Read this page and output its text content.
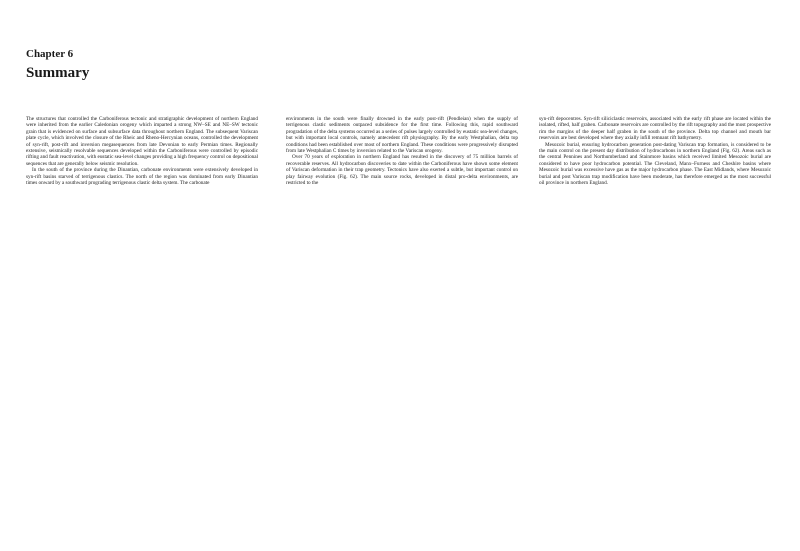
Chapter 6
Summary

The structures that controlled the Carboniferous tectonic and stratigraphic development of northern England were inherited from the earlier Caledonian orogeny which imparted a strong NW–SE and NE–SW tectonic grain that is evidenced on surface and subsurface data throughout northern England. The subsequent Variscan plate cycle, which involved the closure of the Rheic and Rheno-Hercynian oceans, controlled the development of syn-rift, post-rift and inversion megasequences from late Devonian to early Permian times. Regionally extensive, seismically resolvable sequences developed within the Carboniferous were controlled by episodic rifting and fault reactivation, with eustatic sea-level changes providing a high frequency control on depositional sequences that are generally below seismic resolution.

In the south of the province during the Dinantian, carbonate environments were extensively developed in syn-rift basins starved of terrigenous clastics. The north of the region was dominated from early Dinantian times onward by a southward prograding terrigenous clastic delta system. The carbonate

environments in the south were finally drowned in the early post-rift (Pendleian) when the supply of terrigenous clastic sediments outpaced subsidence for the first time. Following this, rapid southward progradation of the delta systems occurred as a series of pulses largely controlled by eustatic sea-level changes, but with important local controls, namely antecedent rift physiography. By the early Westphalian, delta top conditions had been established over most of northern England. These conditions were progressively disrupted from late Westphalian C times by inversion related to the Variscan orogeny.

Over 70 years of exploration in northern England has resulted in the discovery of 75 million barrels of recoverable reserves. All hydrocarbon discoveries to date within the Carboniferous have shown some element of Variscan deformation in their trap geometry. Tectonics have also exerted a subtle, but important control on play fairway evolution (Fig. 62). The main source rocks, developed in distal pro-delta environments, are restricted to the

syn-rift depocentres. Syn-rift siliciclastic reservoirs, associated with the early rift phase are located within the isolated, rifted, half graben. Carbonate reservoirs are controlled by the rift topography and the most prospective rim the margins of the deeper half graben in the south of the province. Delta top channel and mouth bar reservoirs are best developed where they axially infill remnant rift bathymetry.

Mesozoic burial, ensuring hydrocarbon generation post-dating Variscan trap formation, is considered to be the main control on the present day distribution of hydrocarbons in northern England (Fig. 62). Areas such as the central Pennines and Northumberland and Stainmore basins which received limited Mesozoic burial are considered to have poor hydrocarbon potential. The Cleveland, Manx–Furness and Cheshire basins where Mesozoic burial was excessive have gas as the major hydrocarbon phase. The East Midlands, where Mesozoic burial and post Variscan trap modification have been moderate, has therefore emerged as the most successful oil province in northern England.
